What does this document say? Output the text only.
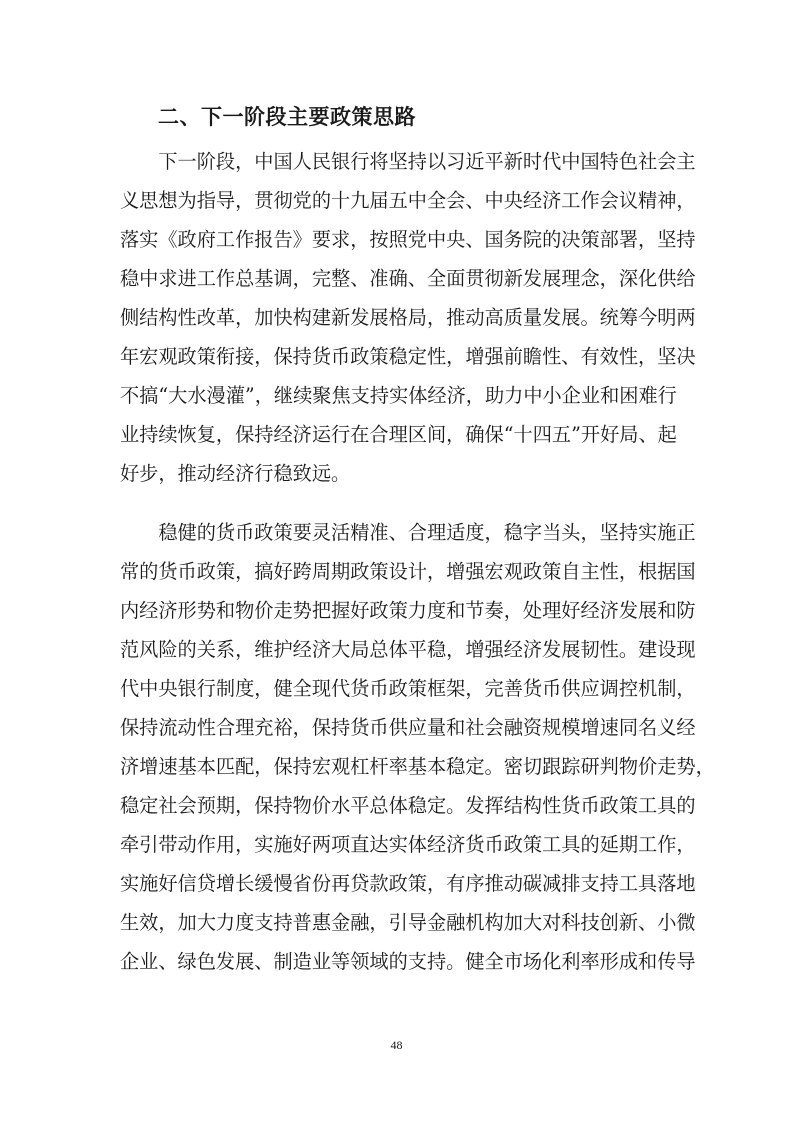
二、下一阶段主要政策思路
　　下一阶段，中国人民银行将坚持以习近平新时代中国特色社会主
义思想为指导，贯彻党的十九届五中全会、中央经济工作会议精神，
落实《政府工作报告》要求，按照党中央、国务院的决策部署，坚持
稳中求进工作总基调，完整、准确、全面贯彻新发展理念，深化供给
侧结构性改革，加快构建新发展格局，推动高质量发展。统筹今明两
年宏观政策衔接，保持货币政策稳定性，增强前瞻性、有效性，坚决
不搞“大水漫灌”，继续聚焦支持实体经济，助力中小企业和困难行
业持续恢复，保持经济运行在合理区间，确保“十四五”开好局、起
好步，推动经济行稳致远。
　　稳健的货币政策要灵活精准、合理适度，稳字当头，坚持实施正
常的货币政策，搞好跨周期政策设计，增强宏观政策自主性，根据国
内经济形势和物价走势把握好政策力度和节奏，处理好经济发展和防
范风险的关系，维护经济大局总体平稳，增强经济发展韧性。建设现
代中央银行制度，健全现代货币政策框架，完善货币供应调控机制，
保持流动性合理充裕，保持货币供应量和社会融资规模增速同名义经
济增速基本匹配，保持宏观杠杆率基本稳定。密切跟踪研判物价走势，
稳定社会预期，保持物价水平总体稳定。发挥结构性货币政策工具的
牵引带动作用，实施好两项直达实体经济货币政策工具的延期工作，
实施好信贷增长缓慢省份再贷款政策，有序推动碳减排支持工具落地
生效，加大力度支持普惠金融，引导金融机构加大对科技创新、小微
企业、绿色发展、制造业等领域的支持。健全市场化利率形成和传导
48
